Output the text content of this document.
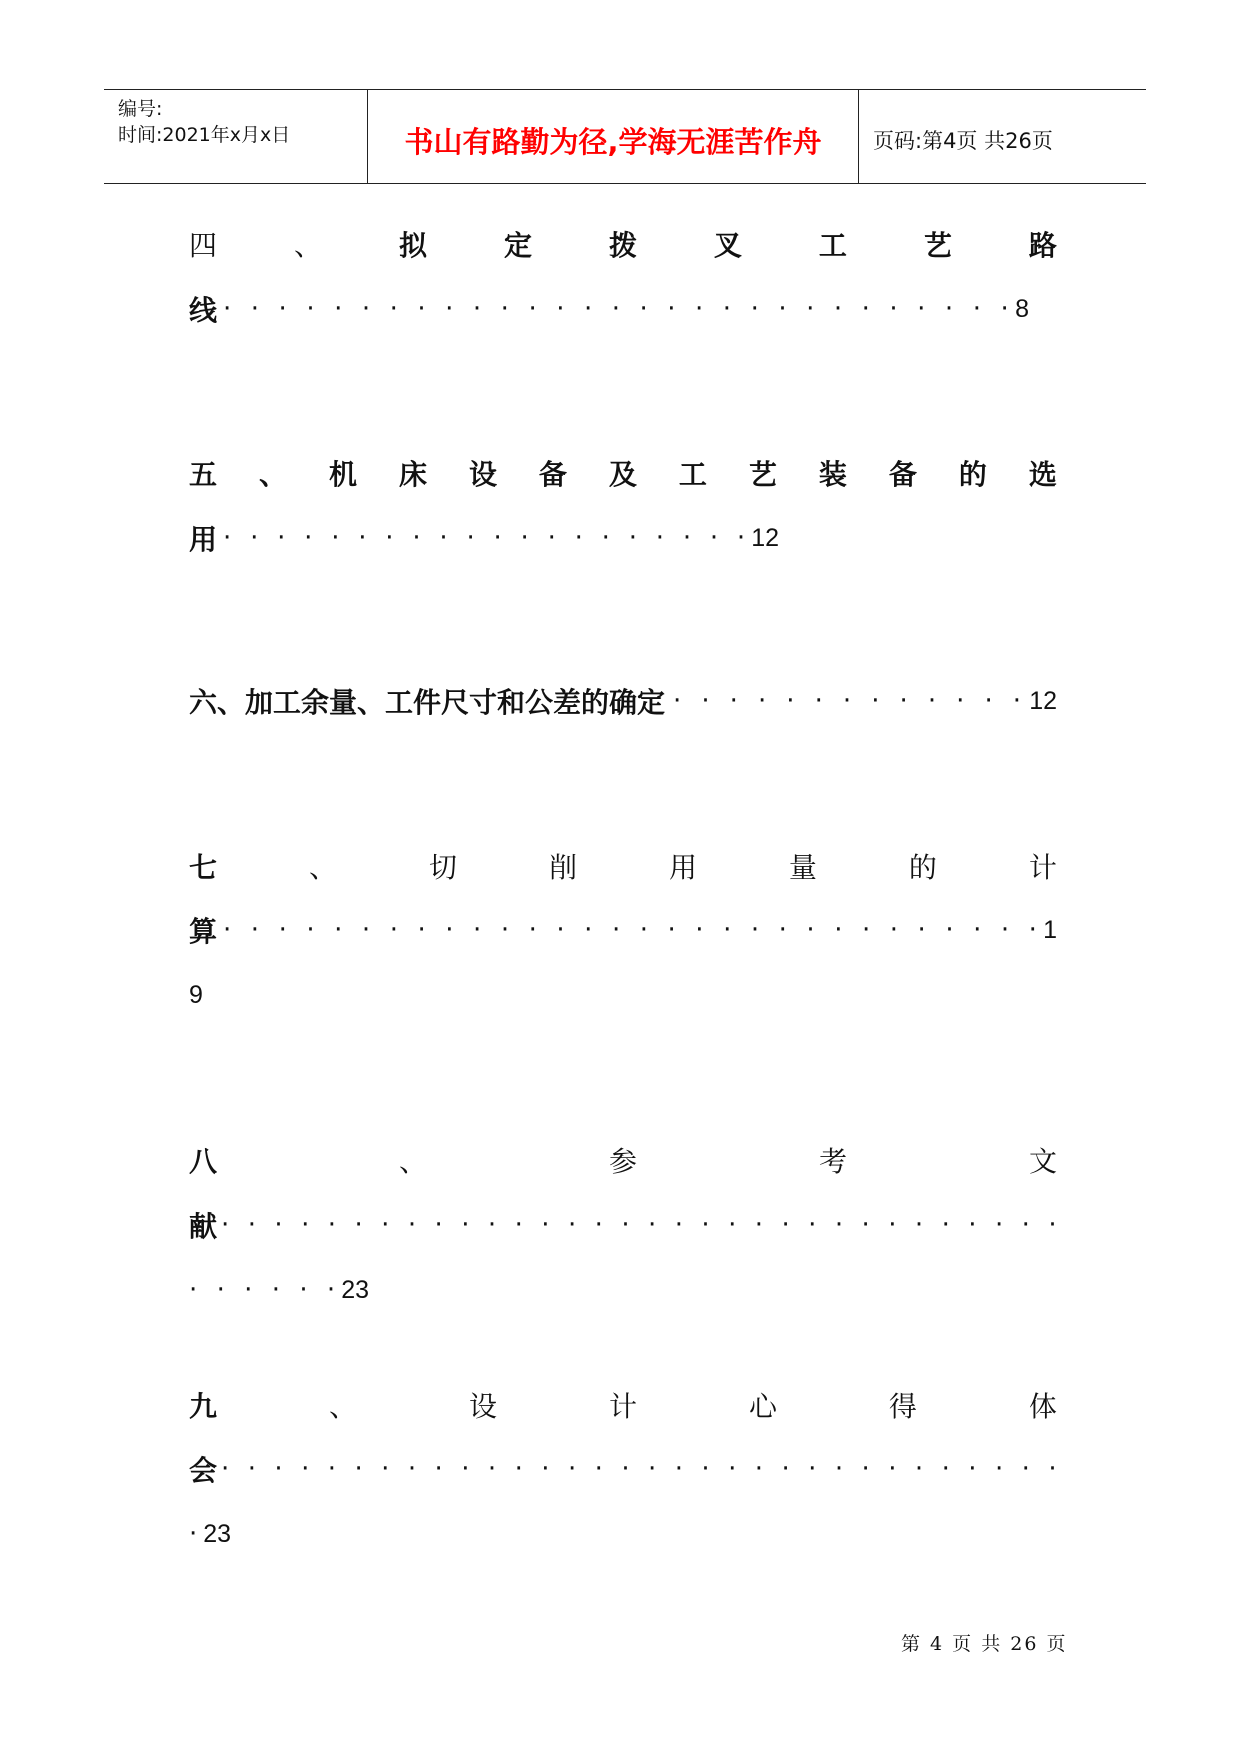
编号:
时间:2021年x月x日	书山有路勤为径,学海无涯苦作舟	页码:第4页 共26页
四	、	拟	定	拨	叉	工	艺	路
线 · · · · · · · · · · · · · · · · · · · · · · · · · · · · · 8
五 、 机 床 设 备 及 工 艺 装 备 的 选
用 · · · · · · · · · · · · · · · · · · · · 12
六、加工余量、工件尺寸和公差的确定 · · · · · · · · · · · · · 12
七	、	切	削	用	量	的	计
算 · · · · · · · · · · · · · · · · · · · · · · · · · · · · · · 1
9
八	、	参	考	文
献 · · · · · · · · · · · · · · · · · · · · · · · · · · · · · · · ·
· · · · · · 23
九	、	设	计	心	得	体
会 · · · · · · · · · · · · · · · · · · · · · · · · · · · · · · · ·
· 23
第 4 页 共 26 页
